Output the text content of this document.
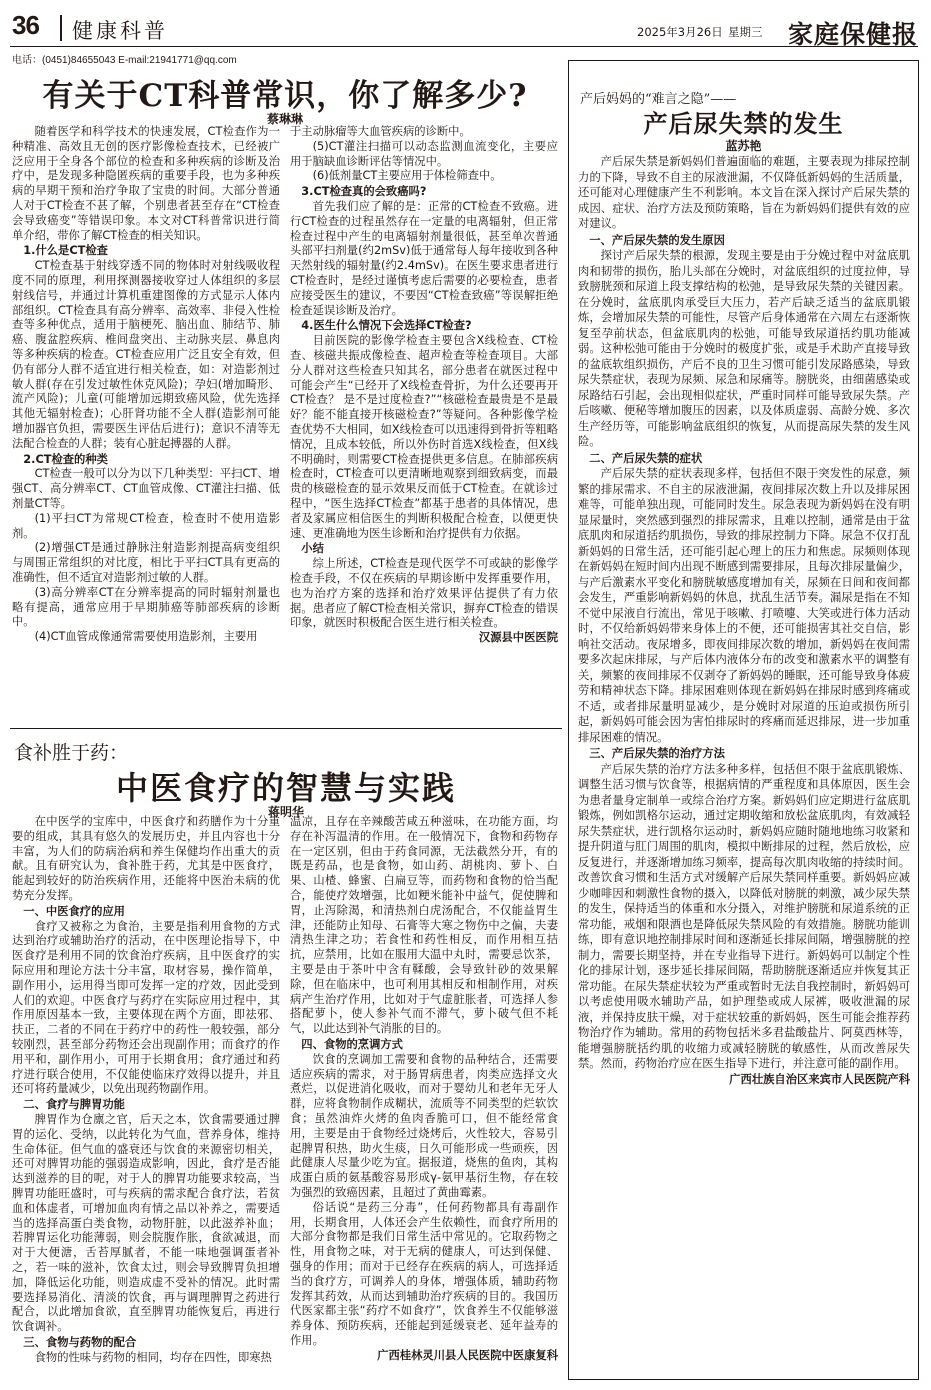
36 健康科普	2025年3月26日 星期三 家庭保健报
电话：(0451)84655043 E-mail:21941771@qq.com
有关于CT科普常识，你了解多少?
蔡琳琳

随着医学和科学技术的快速发展，CT检查作为一种精准、高效且无创的医疗影像检查技术，已经被广泛应用于全身各个部位的检查和多种疾病的诊断及治疗中，是发现多种隐匿疾病的重要手段，也为多种疾病的早期干预和治疗争取了宝贵的时间。大部分普通人对于CT检查不甚了解，个别患者甚至存在“CT检查会导致癌变”等错误印象。本文对CT科普常识进行简单介绍，带你了解CT检查的相关知识。

1.什么是CT检查

CT检查基于射线穿透不同的物体时对射线吸收程度不同的原理，利用探测器接收穿过人体组织的多层射线信号，并通过计算机重建图像的方式显示人体内部组织。CT检查具有高分辨率、高效率、非侵入性检查等多种优点，适用于脑梗死、脑出血、肺结节、肺癌、腹盆腔疾病、椎间盘突出、主动脉夹层、鼻息肉等多种疾病的检查。CT检查应用广泛且安全有效，但仍有部分人群不适宜进行相关检查，如：对造影剂过敏人群(存在引发过敏性休克风险)；孕妇(增加畸形、流产风险)；儿童(可能增加远期致癌风险，优先选择其他无辐射检查)；心肝肾功能不全人群(造影剂可能增加器官负担，需要医生评估后进行)；意识不清等无法配合检查的人群；装有心脏起搏器的人群。

2.CT检查的种类

CT检查一般可以分为以下几种类型：平扫CT、增强CT、高分辨率CT、CT血管成像、CT灌注扫描、低剂量CT等。

(1)平扫CT为常规CT检查，检查时不使用造影剂。

(2)增强CT是通过静脉注射造影剂提高病变组织与周围正常组织的对比度，相比于平扫CT具有更高的准确性，但不适宜对造影剂过敏的人群。

(3)高分辨率CT在分辨率提高的同时辐射剂量也略有提高，通常应用于早期肺癌等肺部疾病的诊断中。

(4)CT血管成像通常需要使用造影剂，主要用

于主动脉瘤等大血管疾病的诊断中。

(5)CT灌注扫描可以动态监测血流变化，主要应用于脑缺血诊断评估等情况中。

(6)低剂量CT主要应用于体检筛查中。

3.CT检查真的会致癌吗?

首先我们应了解的是：正常的CT检查不致癌。进行CT检查的过程虽然存在一定量的电离辐射，但正常检查过程中产生的电离辐射剂量很低，甚至单次普通头部平扫剂量(约2mSv)低于通常每人每年接收到各种天然射线的辐射量(约2.4mSv)。在医生要求患者进行CT检查时，是经过谨慎考虑后需要的必要检查，患者应接受医生的建议，不要因“CT检查致癌”等误解拒绝检查延误诊断及治疗。

4.医生什么情况下会选择CT检查?

目前医院的影像学检查主要包含X线检查、CT检查、核磁共振成像检查、超声检查等检查项目。大部分人群对这些检查只知其名，部分患者在就医过程中可能会产生“已经开了X线检查骨折，为什么还要再开CT检查？ 是不是过度检查?”“核磁检查最贵是不是最好？能不能直接开核磁检查?”等疑问。各种影像学检查优势不大相同，如X线检查可以迅速得到骨折等粗略情况，且成本较低，所以外伤时首选X线检查，但X线不明确时，则需要CT检查提供更多信息。在肺部疾病检查时，CT检查可以更清晰地观察到细致病变，而最贵的核磁检查的显示效果反而低于CT检查。在就诊过程中，“医生选择CT检查”都基于患者的具体情况，患者及家属应相信医生的判断积极配合检查，以便更快速、更准确地为医生诊断和治疗提供有力依据。

小结

综上所述，CT检查是现代医学不可或缺的影像学检查手段，不仅在疾病的早期诊断中发挥重要作用，也为治疗方案的选择和治疗效果评估提供了有力依据。患者应了解CT检查相关常识，摒弃CT检查的错误印象，就医时积极配合医生进行相关检查。

汉源县中医医院

食补胜于药：
中医食疗的智慧与实践
蒋明华

在中医学的宝库中，中医食疗和药膳作为十分重要的组成，其具有悠久的发展历史，并且内容也十分丰富，为人们的防病治病和养生保健均作出重大的贡献。且有研究认为，食补胜于药，尤其是中医食疗，能起到较好的防治疾病作用，还能将中医治未病的优势充分发挥。

一、中医食疗的应用

食疗又被称之为食治，主要是指利用食物的方式达到治疗或辅助治疗的活动，在中医理论指导下，中医食疗是利用不同的饮食治疗疾病，且中医食疗的实际应用和理论方法十分丰富，取材容易，操作简单，副作用小，运用得当即可发挥一定的疗效，因此受到人们的欢迎。中医食疗与药疗在实际应用过程中，其作用原因基本一致，主要体现在两个方面，即祛邪、扶正，二者的不同在于药疗中的药性一般较强，部分较刚烈，甚至部分药物还会出现副作用；而食疗的作用平和，副作用小，可用于长期食用；食疗通过和药疗进行联合使用，不仅能使临床疗效得以提升，并且还可将药量减少，以免出现药物副作用。

二、食疗与脾胃功能

脾胃作为仓廪之官，后天之本，饮食需要通过脾胃的运化、受纳，以此转化为气血，营养身体，维持生命体征。但气血的盛衰还与饮食的来源密切相关，还可对脾胃功能的强弱造成影响，因此，食疗是否能达到滋养的目的呢，对于人的脾胃功能要求较高，当脾胃功能旺盛时，可与疾病的需求配合食疗法，若贫血和体虚者，可增加血肉有情之品以补养之，需要适当的选择高蛋白类食物，动物肝脏，以此滋养补血；若脾胃运化功能薄弱，则会脘腹作胀，食欲减退，而对于大便溏，舌苔厚腻者，不能一味地强调蛋者补之，若一味的滋补，饮食太过，则会导致脾胃负担增加，降低运化功能，则造成虚不受补的情况。此时需要选择易消化、清淡的饮食，再与调理脾胃之药进行配合，以此增加食欲，直至脾胃功能恢复后，再进行饮食调补。

三、食物与药物的配合

食物的性味与药物的相同，均存在四性，即寒热

温凉，且存在辛辣酸苦咸五种滋味，在功能方面，均存在补泻温清的作用。在一般情况下，食物和药物存在一定区别，但由于药食同源，无法截然分开，有的既是药品，也是食物，如山药、胡桃肉、萝卜、白果、山楂、蜂蜜、白扁豆等，而药物和食物的恰当配合，能使疗效增强，比如粳米能补中益气，促使脾和胃，止泻除渴，和清热剂白虎汤配合，不仅能益胃生津，还能防止知母、石膏等大寒之物伤中之偏，夫妻清热生津之功；若食性和药性相反，而作用相互拮抗，应禁用，比如在服用大温中丸时，需要忌饮茶，主要是由于茶叶中含有鞣酸，会导致针砂的效果解除，但在临床中，也可利用其相反和相制作用，对疾病产生治疗作用，比如对于气虚脏胀者，可选择人参搭配萝卜，使人参补气而不滞气，萝卜破气但不耗气，以此达到补气消胀的目的。

四、食物的烹调方式

饮食的烹调加工需要和食物的品种结合，还需要适应疾病的需求，对于肠胃病患者，肉类应选择文火煮烂，以促进消化吸收，而对于婴幼儿和老年无牙人群，应将食物制作成糊状，流质等不同类型的烂软饮食；虽然油炸火烤的鱼肉香脆可口，但不能经常食用，主要是由于食物经过烧烤后，火性较大，容易引起脾胃积热，助火生痰，日久可能形成一些顽疾，因此健康人尽量少吃为宜。据报道，烧焦的鱼肉，其构成蛋白质的氨基酸容易形成γ-氨甲基衍生物，存在较为强烈的致癌因素，且超过了黄曲霉素。

俗话说“是药三分毒”，任何药物都具有毒副作用，长期食用，人体还会产生依赖性，而食疗所用的大部分食物都是我们日常生活中常见的。它取药物之性，用食物之味，对于无病的健康人，可达到保健、强身的作用；而对于已经存在疾病的病人，可选择适当的食疗方，可调养人的身体，增强体质，辅助药物发挥其药效，从而达到辅助治疗疾病的目的。我国历代医家都主张“药疗不如食疗”，饮食养生不仅能够滋养身体、预防疾病，还能起到延缓衰老、延年益寿的作用。

广西桂林灵川县人民医院中医康复科

产后妈妈的“难言之隐”——
产后尿失禁的发生
蓝苏艳

产后尿失禁是新妈妈们普遍面临的难题，主要表现为排尿控制力的下降，导致不自主的尿液泄漏，不仅降低新妈妈的生活质量，还可能对心理健康产生不利影响。本文旨在深入探讨产后尿失禁的成因、症状、治疗方法及预防策略，旨在为新妈妈们提供有效的应对建议。

一、产后尿失禁的发生原因

探讨产后尿失禁的根源，发现主要是由于分娩过程中对盆底肌肉和韧带的损伤，胎儿头部在分娩时，对盆底组织的过度拉伸，导致膀胱颈和尿道上段支撑结构的松弛，是导致尿失禁的关键因素。在分娩时，盆底肌肉承受巨大压力，若产后缺乏适当的盆底肌锻炼，会增加尿失禁的可能性，尽管产后身体通常在六周左右逐渐恢复至孕前状态，但盆底肌肉的松弛，可能导致尿道括约肌功能减弱。这种松弛可能由于分娩时的极度扩张，或是手术助产直接导致的盆底软组织损伤，产后不良的卫生习惯可能引发尿路感染，导致尿失禁症状，表现为尿频、尿急和尿痛等。膀胱炎，由细菌感染或尿路结石引起，会出现相似症状，严重时同样可能导致尿失禁。产后咳嗽、便秘等增加腹压的因素，以及体质虚弱、高龄分娩、多次生产经历等，可能影响盆底组织的恢复，从而提高尿失禁的发生风险。

二、产后尿失禁的症状

产后尿失禁的症状表现多样，包括但不限于突发性的尿意，频繁的排尿需求、不自主的尿液泄漏，夜间排尿次数上升以及排尿困难等，可能单独出现，可能同时发生。尿急表现为新妈妈在没有明显尿量时，突然感到强烈的排尿需求，且难以控制，通常是由于盆底肌肉和尿道括约肌损伤，导致的排尿控制力下降。尿急不仅打乱新妈妈的日常生活，还可能引起心理上的压力和焦虑。尿频则体现在新妈妈在短时间内出现不断感到需要排尿，且每次排尿量偏少，与产后激素水平变化和膀胱敏感度增加有关，尿频在日间和夜间都会发生，严重影响新妈妈的休息，扰乱生活节奏。漏尿是指在不知不觉中尿液自行流出，常见于咳嗽、打喷嚏、大笑或进行体力活动时，不仅给新妈妈带来身体上的不便，还可能损害其社交自信，影响社交活动。夜尿增多，即夜间排尿次数的增加，新妈妈在夜间需要多次起床排尿，与产后体内液体分布的改变和激素水平的调整有关，频繁的夜间排尿不仅剥夺了新妈妈的睡眠，还可能导致身体疲劳和精神状态下降。排尿困难则体现在新妈妈在排尿时感到疼痛或不适，或者排尿量明显减少，是分娩时对尿道的压迫或损伤所引起，新妈妈可能会因为害怕排尿时的疼痛而延迟排尿，进一步加重排尿困难的情况。

三、产后尿失禁的治疗方法

产后尿失禁的治疗方法多种多样，包括但不限于盆底肌锻炼、调整生活习惯与饮食等，根据病情的严重程度和具体原因，医生会为患者量身定制单一或综合治疗方案。新妈妈们应定期进行盆底肌锻炼，例如凯格尔运动，通过定期收缩和放松盆底肌肉，有效减轻尿失禁症状，进行凯格尔运动时，新妈妈应随时随地地练习收紧和提升阴道与肛门周围的肌肉，模拟中断排尿的过程，然后放松，应反复进行，并逐渐增加练习频率，提高每次肌肉收缩的持续时间。改善饮食习惯和生活方式对缓解产后尿失禁同样重要。新妈妈应减少咖啡因和刺激性食物的摄入，以降低对膀胱的刺激，减少尿失禁的发生，保持适当的体重和水分摄入，对维护膀胱和尿道系统的正常功能，戒烟和限酒也是降低尿失禁风险的有效措施。膀胱功能训练，即有意识地控制排尿时间和逐渐延长排尿间隔，增强膀胱的控制力，需要长期坚持，并在专业指导下进行。新妈妈可以制定个性化的排尿计划，逐步延长排尿间隔，帮助膀胱逐渐适应并恢复其正常功能。在尿失禁症状较为严重或暂时无法自我控制时，新妈妈可以考虑使用吸水辅助产品，如护理垫或成人尿裤，吸收泄漏的尿液，并保持皮肤干燥，对于症状较重的新妈妈，医生可能会推荐药物治疗作为辅助。常用的药物包括米多君盐酸盐片、阿莫西林等，能增强膀胱括约肌的收缩力或减轻膀胱的敏感性，从而改善尿失禁。然而，药物治疗应在医生指导下进行，并注意可能的副作用。

广西壮族自治区来宾市人民医院产科
